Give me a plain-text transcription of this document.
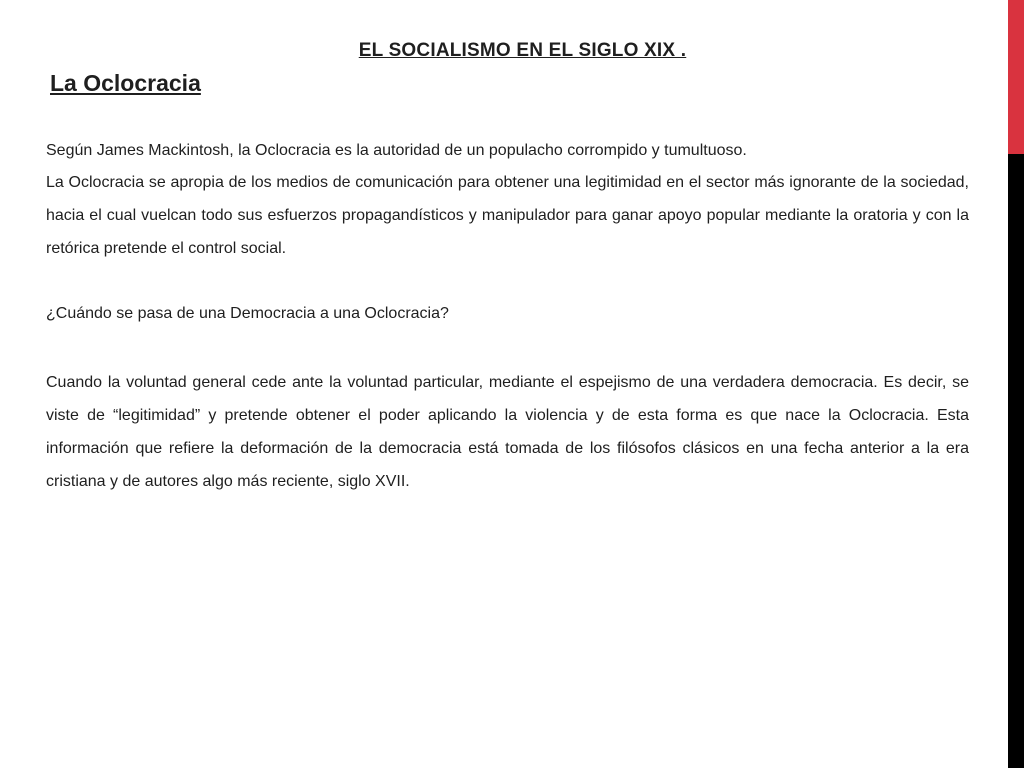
EL SOCIALISMO EN EL SIGLO XIX .
La Oclocracia

Según James Mackintosh, la Oclocracia es la autoridad de un populacho corrompido y tumultuoso.

La Oclocracia se apropia de los medios de comunicación para obtener una legitimidad en el sector más ignorante de la sociedad, hacia el cual vuelcan todo sus esfuerzos propagandísticos y manipulador para ganar apoyo popular mediante la oratoria y con la retórica pretende el control social.

¿Cuándo se pasa de una Democracia a una Oclocracia?

Cuando la voluntad general cede ante la voluntad particular, mediante el espejismo de una verdadera democracia. Es decir, se viste de “legitimidad” y pretende obtener el poder aplicando la violencia y de esta forma es que nace la Oclocracia. Esta información que refiere la deformación de la democracia está tomada de los filósofos clásicos en una fecha anterior a la era cristiana y de autores algo más reciente, siglo XVII.
